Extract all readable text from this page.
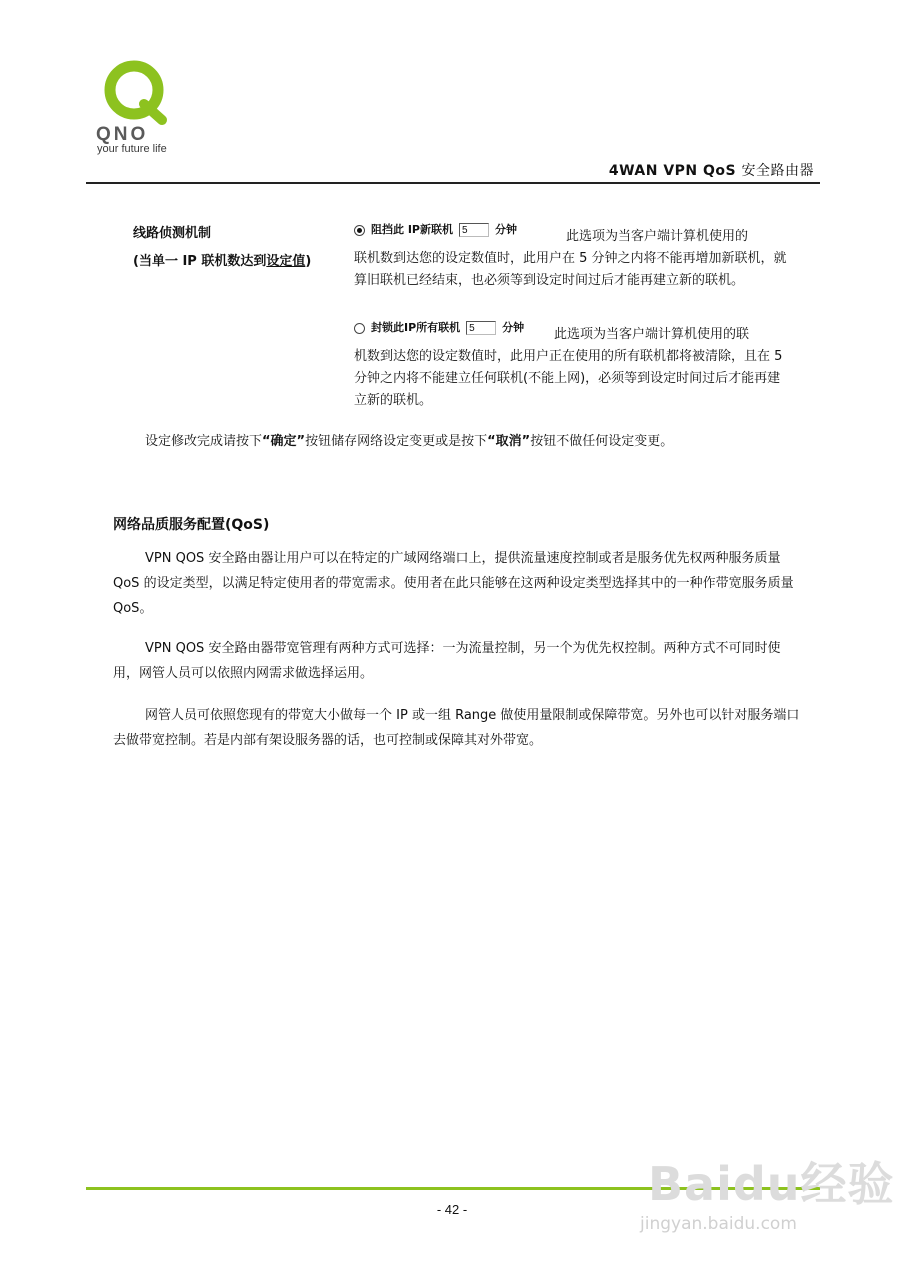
QNO
your future life
4WAN VPN QoS 安全路由器
线路侦测机制
(当单一 IP 联机数达到设定值)
阻挡此 IP新联机 5	分钟	此选项为当客户端计算机使用的
联机数到达您的设定数值时，此用户在 5 分钟之内将不能再增加新联机，就算旧联机已经结束，也必须等到设定时间过后才能再建立新的联机。
封锁此IP所有联机 5	分钟 此选项为当客户端计算机使用的联
机数到达您的设定数值时，此用户正在使用的所有联机都将被清除，且在 5 分钟之内将不能建立任何联机(不能上网)，必须等到设定时间过后才能再建立新的联机。
设定修改完成请按下“确定”按钮储存网络设定变更或是按下“取消”按钮不做任何设定变更。
网络品质服务配置(QoS)
VPN QOS 安全路由器让用户可以在特定的广域网络端口上，提供流量速度控制或者是服务优先权两种服务质量 QoS 的设定类型，以满足特定使用者的带宽需求。使用者在此只能够在这两种设定类型选择其中的一种作带宽服务质量 QoS。
VPN QOS 安全路由器带宽管理有两种方式可选择：一为流量控制，另一个为优先权控制。两种方式不可同时使用，网管人员可以依照内网需求做选择运用。
网管人员可依照您现有的带宽大小做每一个 IP 或一组 Range 做使用量限制或保障带宽。另外也可以针对服务端口去做带宽控制。若是内部有架设服务器的话，也可控制或保障其对外带宽。
- 42 -	Baidu经验
jingyan.baidu.com
